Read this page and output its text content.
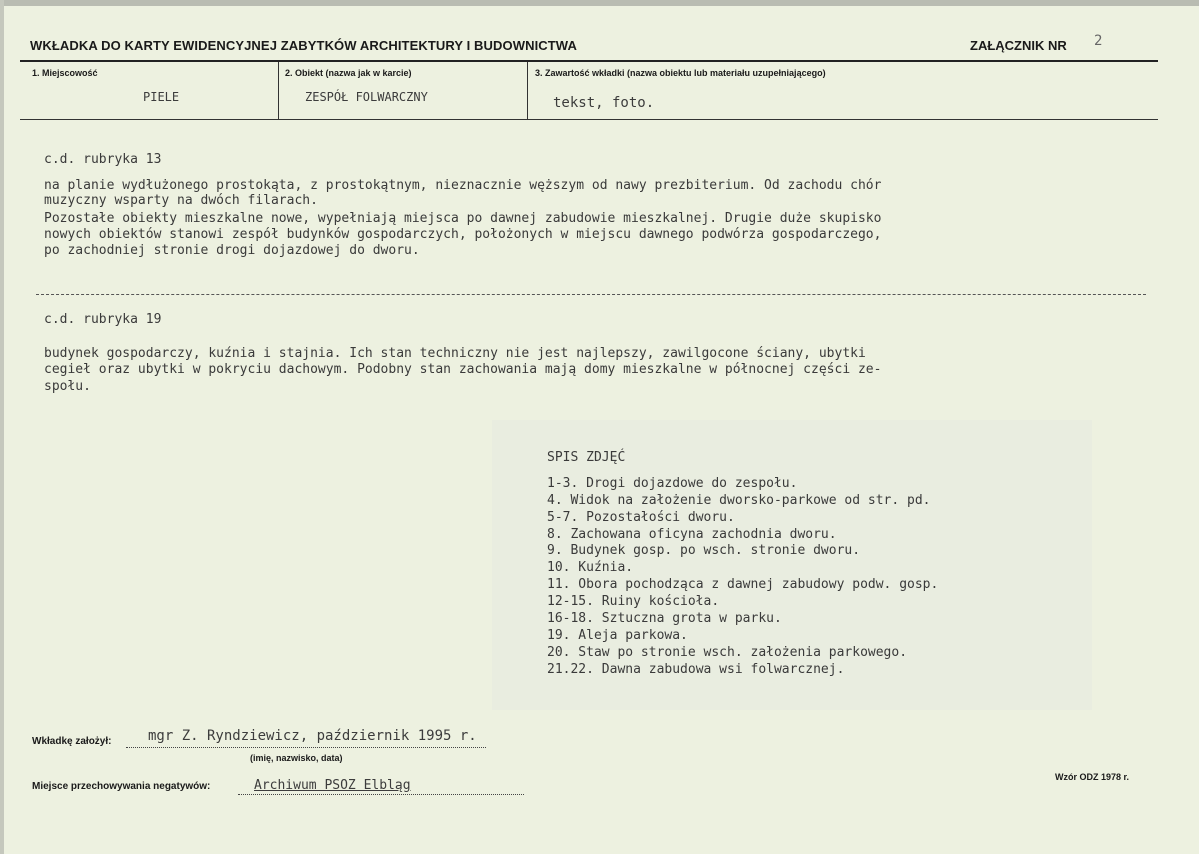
WKŁADKA DO KARTY EWIDENCYJNEJ ZABYTKÓW ARCHITEKTURY I BUDOWNICTWA	ZAŁĄCZNIK NR 2
1. Miejscowość	2. Obiekt (nazwa jak w karcie)	3. Zawartość wkładki (nazwa obiektu lub materiału uzupełniającego)
PIELE	ZESPÓŁ FOLWARCZNY	tekst, foto.
c.d. rubryka 13
na planie wydłużonego prostokąta, z prostokątnym, nieznacznie węższym od nawy prezbiterium. Od zachodu chór
muzyczny wsparty na dwóch filarach.
Pozostałe obiekty mieszkalne nowe, wypełniają miejsca po dawnej zabudowie mieszkalnej. Drugie duże skupisko
nowych obiektów stanowi zespół budynków gospodarczych, położonych w miejscu dawnego podwórza gospodarczego,
po zachodniej stronie drogi dojazdowej do dworu.
c.d. rubryka 19
budynek gospodarczy, kuźnia i stajnia. Ich stan techniczny nie jest najlepszy, zawilgocone ściany, ubytki
cegieł oraz ubytki w pokryciu dachowym. Podobny stan zachowania mają domy mieszkalne w północnej części ze-
społu.
SPIS ZDJĘĆ
1-3. Drogi dojazdowe do zespołu.
4. Widok na założenie dworsko-parkowe od str. pd.
5-7. Pozostałości dworu.
8. Zachowana oficyna zachodnia dworu.
9. Budynek gosp. po wsch. stronie dworu.
10. Kuźnia.
11. Obora pochodząca z dawnej zabudowy podw. gosp.
12-15. Ruiny kościoła.
16-18. Sztuczna grota w parku.
19. Aleja parkowa.
20. Staw po stronie wsch. założenia parkowego.
21.22. Dawna zabudowa wsi folwarcznej.
Wkładkę założył:	mgr Z. Ryndziewicz, październik 1995 r.
(imię, nazwisko, data)
Miejsce przechowywania negatywów:	Archiwum PSOZ Elbląg
Wzór ODZ 1978 r.
